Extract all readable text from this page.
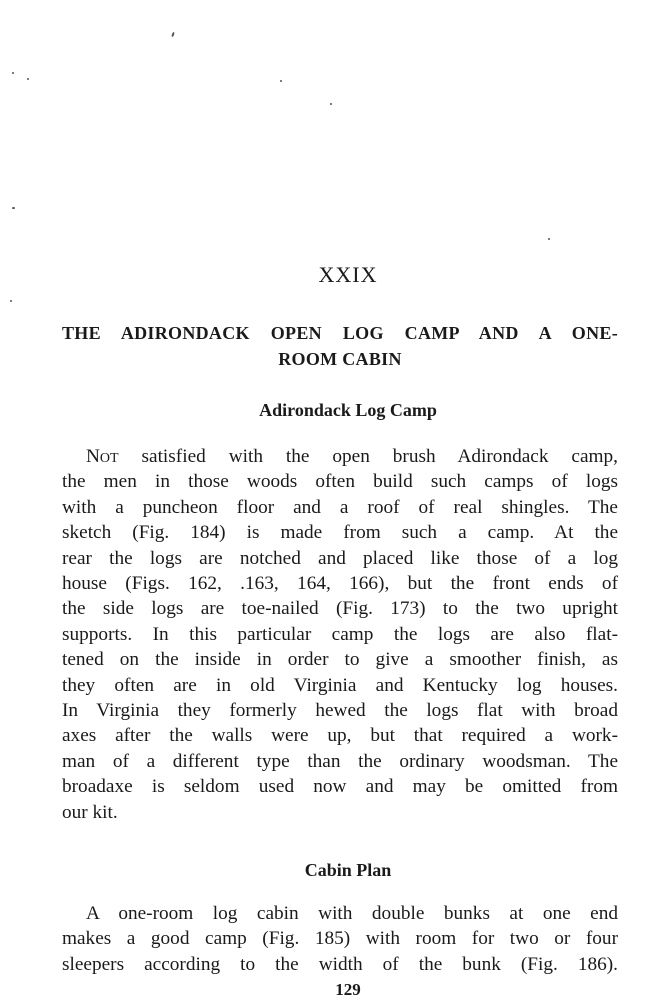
XXIX
THE ADIRONDACK OPEN LOG CAMP AND A ONE-
ROOM CABIN
Adirondack Log Camp
Not satisfied with the open brush Adirondack camp,
the men in those woods often build such camps of logs
with a puncheon floor and a roof of real shingles. The
sketch (Fig. 184) is made from such a camp. At the
rear the logs are notched and placed like those of a log
house (Figs. 162, .163, 164, 166), but the front ends of
the side logs are toe-nailed (Fig. 173) to the two upright
supports. In this particular camp the logs are also flat-
tened on the inside in order to give a smoother finish, as
they often are in old Virginia and Kentucky log houses.
In Virginia they formerly hewed the logs flat with broad
axes after the walls were up, but that required a work-
man of a different type than the ordinary woodsman. The
broadaxe is seldom used now and may be omitted from
our kit.
Cabin Plan
A one-room log cabin with double bunks at one end
makes a good camp (Fig. 185) with room for two or four
sleepers according to the width of the bunk (Fig. 186).
129
